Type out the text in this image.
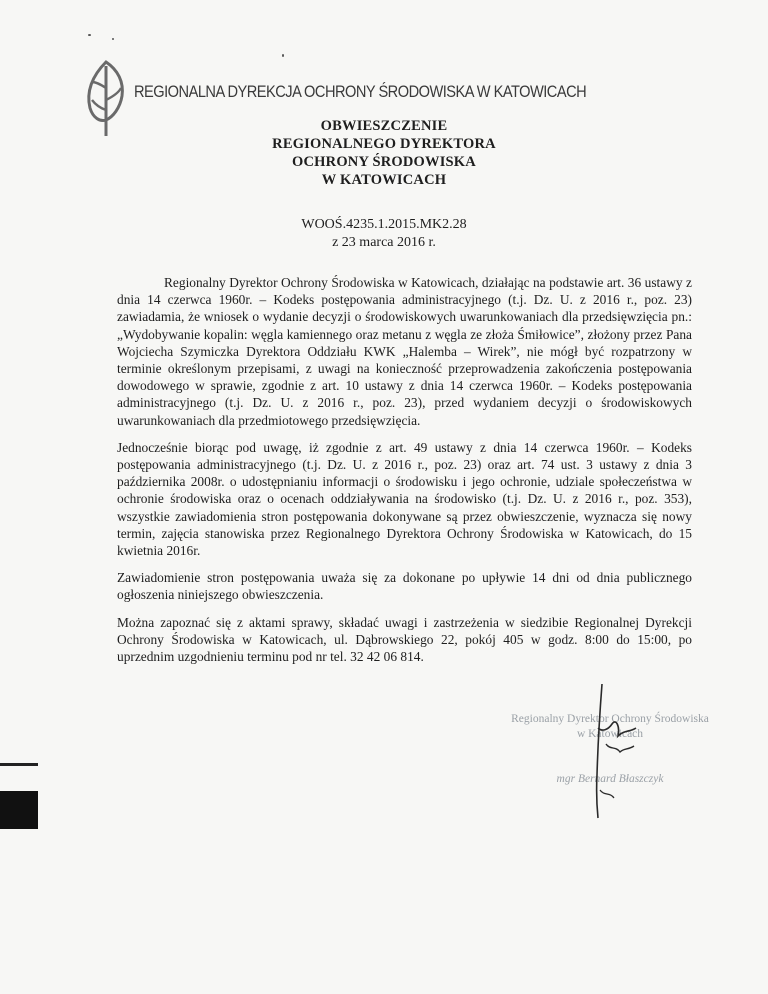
REGIONALNA DYREKCJA OCHRONY ŚRODOWISKA W KATOWICACH
OBWIESZCZENIE
REGIONALNEGO DYREKTORA
OCHRONY ŚRODOWISKA
W KATOWICACH
WOOŚ.4235.1.2015.MK2.28
z 23 marca 2016 r.

Regionalny Dyrektor Ochrony Środowiska w Katowicach, działając na podstawie art. 36 ustawy z dnia 14 czerwca 1960r. – Kodeks postępowania administracyjnego (t.j. Dz. U. z 2016 r., poz. 23) zawiadamia, że wniosek o wydanie decyzji o środowiskowych uwarunkowaniach dla przedsięwzięcia pn.: „Wydobywanie kopalin: węgla kamiennego oraz metanu z węgla ze złoża Śmiłowice”, złożony przez Pana Wojciecha Szymiczka Dyrektora Oddziału KWK „Halemba – Wirek”, nie mógł być rozpatrzony w terminie określonym przepisami, z uwagi na konieczność przeprowadzenia zakończenia postępowania dowodowego w sprawie, zgodnie z art. 10 ustawy z dnia 14 czerwca 1960r. – Kodeks postępowania administracyjnego (t.j. Dz. U. z 2016 r., poz. 23), przed wydaniem decyzji o środowiskowych uwarunkowaniach dla przedmiotowego przedsięwzięcia.

Jednocześnie biorąc pod uwagę, iż zgodnie z art. 49 ustawy z dnia 14 czerwca 1960r. – Kodeks postępowania administracyjnego (t.j. Dz. U. z 2016 r., poz. 23) oraz art. 74 ust. 3 ustawy z dnia 3 października 2008r. o udostępnianiu informacji o środowisku i jego ochronie, udziale społeczeństwa w ochronie środowiska oraz o ocenach oddziaływania na środowisko (t.j. Dz. U. z 2016 r., poz. 353), wszystkie zawiadomienia stron postępowania dokonywane są przez obwieszczenie, wyznacza się nowy termin, zajęcia stanowiska przez Regionalnego Dyrektora Ochrony Środowiska w Katowicach, do 15 kwietnia 2016r.

Zawiadomienie stron postępowania uważa się za dokonane po upływie 14 dni od dnia publicznego ogłoszenia niniejszego obwieszczenia.

Można zapoznać się z aktami sprawy, składać uwagi i zastrzeżenia w siedzibie Regionalnej Dyrekcji Ochrony Środowiska w Katowicach, ul. Dąbrowskiego 22, pokój 405 w godz. 8:00 do 15:00, po uprzednim uzgodnieniu terminu pod nr tel. 32 42 06 814.

Regionalny Dyrektor Ochrony Środowiska
w Katowicach
mgr Bernard Błaszczyk
